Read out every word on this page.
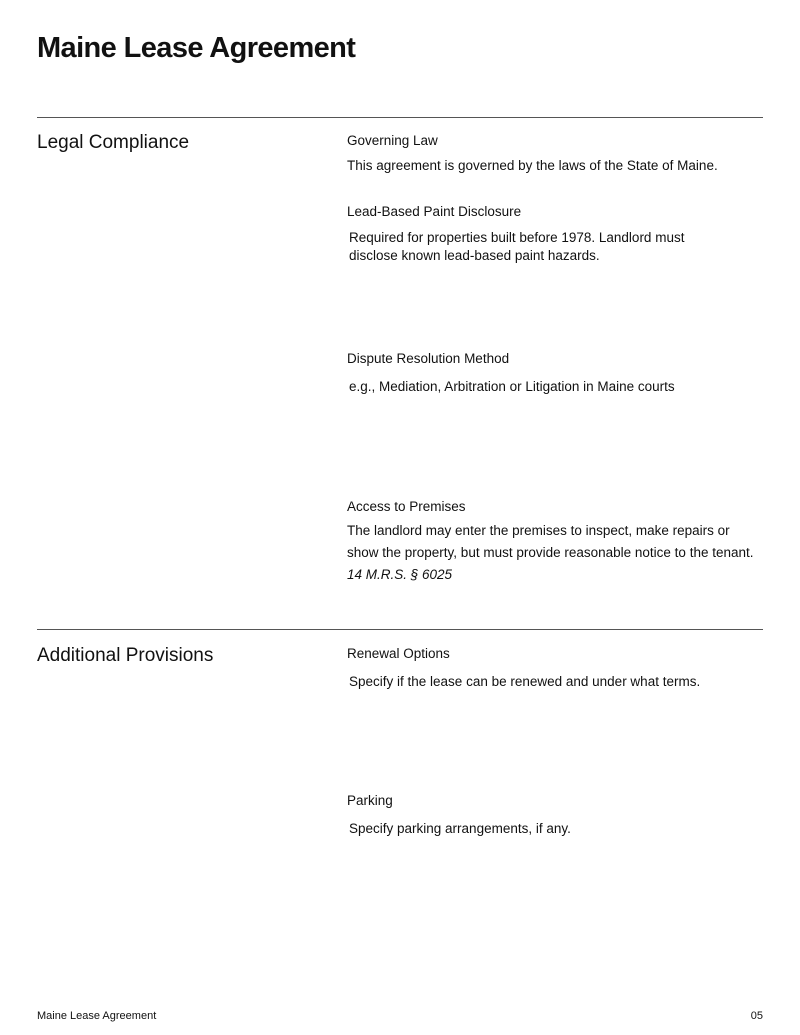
Maine Lease Agreement
Legal Compliance	Governing Law
This agreement is governed by the laws of the State of Maine.
Lead-Based Paint Disclosure
Required for properties built before 1978. Landlord must disclose known lead-based paint hazards.
Dispute Resolution Method
e.g., Mediation, Arbitration or Litigation in Maine courts
Access to Premises
The landlord may enter the premises to inspect, make repairs or show the property, but must provide reasonable notice to the tenant.
14 M.R.S. § 6025
Additional Provisions	Renewal Options
Specify if the lease can be renewed and under what terms.
Parking
Specify parking arrangements, if any.
Maine Lease Agreement	05
